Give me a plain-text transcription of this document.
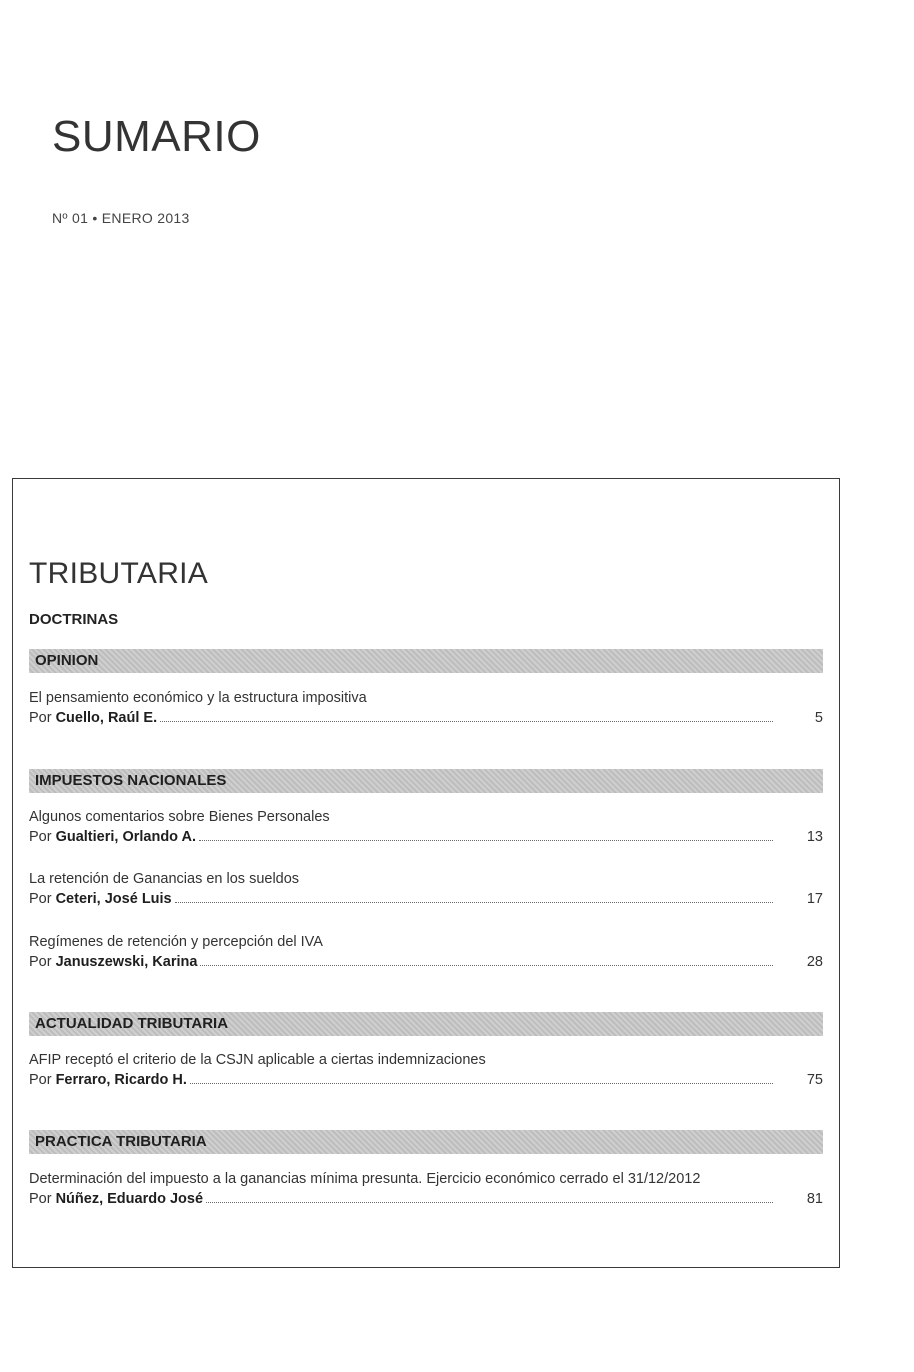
SUMARIO
Nº 01 • ENERO 2013
TRIBUTARIA
DOCTRINAS
OPINION
El pensamiento económico y la estructura impositiva
Por Cuello, Raúl E.	5
IMPUESTOS NACIONALES
Algunos comentarios sobre Bienes Personales
Por Gualtieri, Orlando A.	13
La retención de Ganancias en los sueldos
Por Ceteri, José Luis	17
Regímenes de retención y percepción del IVA
Por Januszewski, Karina	28
ACTUALIDAD TRIBUTARIA
AFIP receptó el criterio de la CSJN aplicable a ciertas indemnizaciones
Por Ferraro, Ricardo H.	75
PRACTICA TRIBUTARIA
Determinación del impuesto a la ganancias mínima presunta. Ejercicio económico cerrado el 31/12/2012
Por Núñez, Eduardo José	81
